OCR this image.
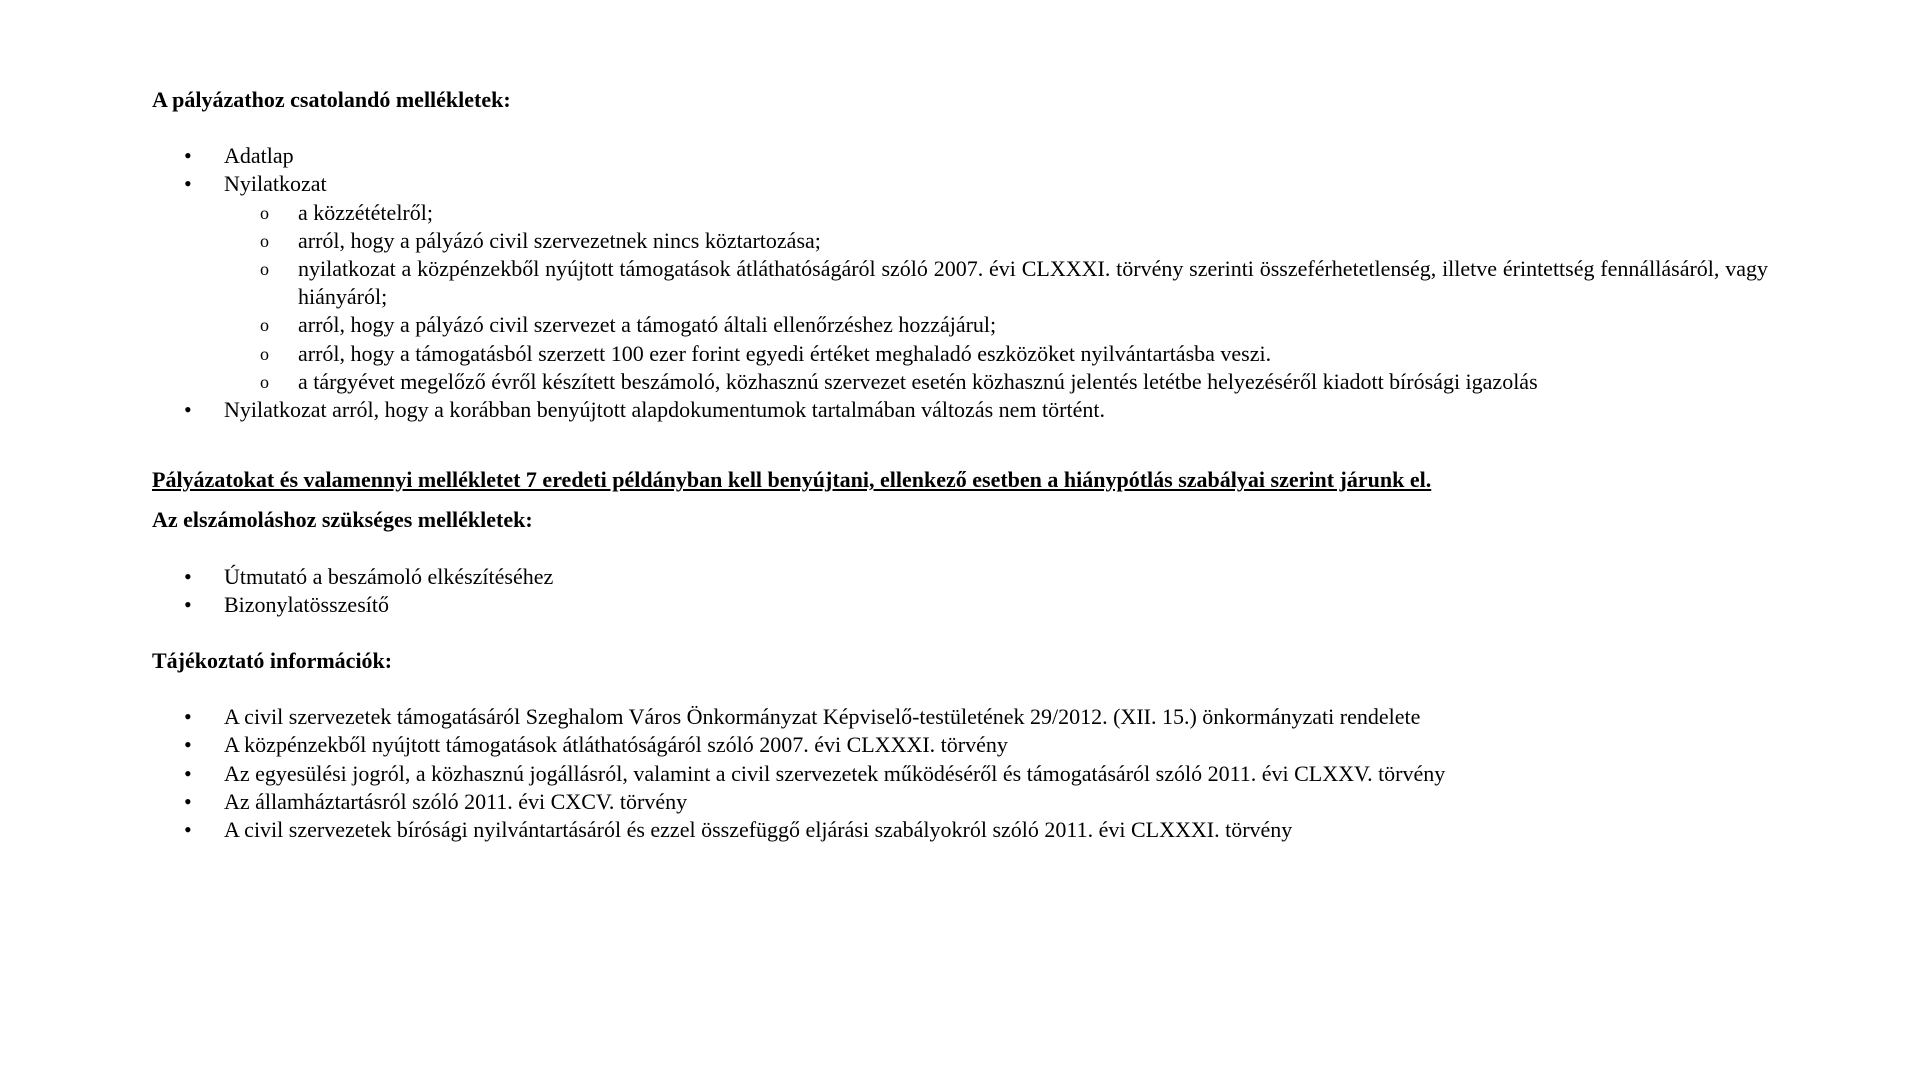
A pályázathoz csatolandó mellékletek:
• Adatlap
• Nyilatkozat
o a közzétételről;
o arról, hogy a pályázó civil szervezetnek nincs köztartozása;
o nyilatkozat a közpénzekből nyújtott támogatások átláthatóságáról szóló 2007. évi CLXXXI. törvény szerinti összeférhetetlenség, illetve érintettség fennállásáról, vagy hiányáról;
o arról, hogy a pályázó civil szervezet a támogató általi ellenőrzéshez hozzájárul;
o arról, hogy a támogatásból szerzett 100 ezer forint egyedi értéket meghaladó eszközöket nyilvántartásba veszi.
o a tárgyévet megelőző évről készített beszámoló, közhasznú szervezet esetén közhasznú jelentés letétbe helyezéséről kiadott bírósági igazolás
• Nyilatkozat arról, hogy a korábban benyújtott alapdokumentumok tartalmában változás nem történt.

Pályázatokat és valamennyi mellékletet 7 eredeti példányban kell benyújtani, ellenkező esetben a hiánypótlás szabályai szerint járunk el.

Az elszámoláshoz szükséges mellékletek:
• Útmutató a beszámoló elkészítéséhez
• Bizonylatösszesítő
Tájékoztató információk:
• A civil szervezetek támogatásáról Szeghalom Város Önkormányzat Képviselő-testületének 29/2012. (XII. 15.) önkormányzati rendelete
• A közpénzekből nyújtott támogatások átláthatóságáról szóló 2007. évi CLXXXI. törvény
• Az egyesülési jogról, a közhasznú jogállásról, valamint a civil szervezetek működéséről és támogatásáról szóló 2011. évi CLXXV. törvény
• Az államháztartásról szóló 2011. évi CXCV. törvény
• A civil szervezetek bírósági nyilvántartásáról és ezzel összefüggő eljárási szabályokról szóló 2011. évi CLXXXI. törvény
